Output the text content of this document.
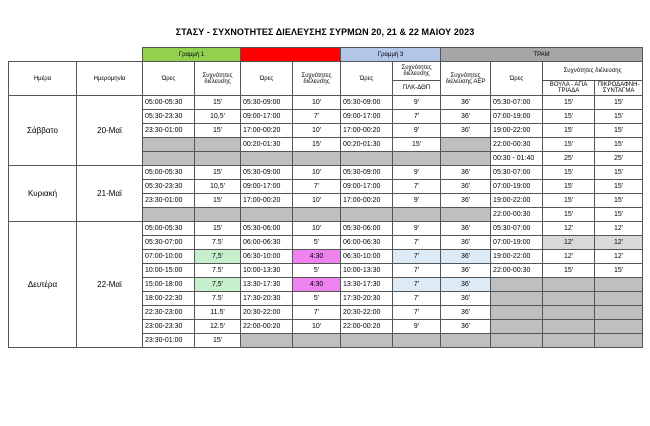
ΣΤΑΣΥ - ΣΥΧΝΟΤΗΤΕΣ ΔΙΕΛΕΥΣΗΣ ΣΥΡΜΩΝ 20, 21 & 22 ΜΑΙΟΥ 2023
		Γραμμή 1		Γραμμή 2		Γραμμή 3		ΤΡΑΜ			
Ημέρα	Ημερομηνία	Ώρες	Συχνότητες διέλευσης	Ώρες	Συχνότητες διέλευσης	Ώρες	Συχνότητες διέλευσης	Συχνότητες διέλευσης ΑΕΡ	Ώρες	Συχνότητες διέλευσης	
							ΠΛΚ-ΔΘΠ			ΒΟΥΛΑ - ΑΓΙΑ ΤΡΙΑΔΑ	ΠΙΚΡΟΔΑΦΝΗ-ΣΥΝΤΑΓΜΑ
Σάββατο	20-Μαϊ	05:00-05:30	15'	05:30-09:00	10'	05:30-09:00	9'	36'	05:30-07:00	15'	15'
		05:30-23:30	10,5'	09:00-17:00	7'	09:00-17:00	7'	36'	07:00-19:00	15'	15'
		23:30-01:00	15'	17:00-00:20	10'	17:00-00:20	9'	36'	19:00-22:00	15'	15'
				00:20-01:30	15'	00:20-01:30	15'		22:00-00:30	15'	15'
									00:30 - 01:40	25'	25'
Κυριακή	21-Μαϊ	05:00-05:30	15'	05:30-09:00	10'	05:30-09:00	9'	36'	05:30-07:00	15'	15'
		05:30-23:30	10,5'	09:00-17:00	7'	09:00-17:00	7'	36'	07:00-19:00	15'	15'
		23:30-01:00	15'	17:00-00:20	10'	17:00-00:20	9'	36'	19:00-22:00	15'	15'
									22:00-00:30	15'	15'
Δευτέρα	22-Μαϊ	05:00-05:30	15'	05:30-06:00	10'	05:30-06:00	9'	36'	05:30-07:00	12'	12'
		05:30-07:00	7.5'	06:00-06:30	5'	06:00-06:30	7'	36'	07:00-19:00	12'	12'
		07:00-10:00	7,5'	06:30-10:00	4:30	06:30-10:00	7'	36'	19:00-22:00	12'	12'
		10:00-15:00	7.5'	10:00-13:30	5'	10:00-13:30	7'	36'	22:00-00:30	15'	15'
		15:00-18:00	7,5'	13:30-17:30	4:30	13:30-17:30	7'	36'			
		18:00-22:30	7.5'	17:30-20:30	5'	17:30-20:30	7'	36'			
		22:30-23:00	11.5'	20:30-22:00	7'	20:30-22:00	7'	36'			
		23:00-23:30	12.5'	22:00-00:20	10'	22:00-00:20	9'	36'			
		23:30-01:00	15'								
